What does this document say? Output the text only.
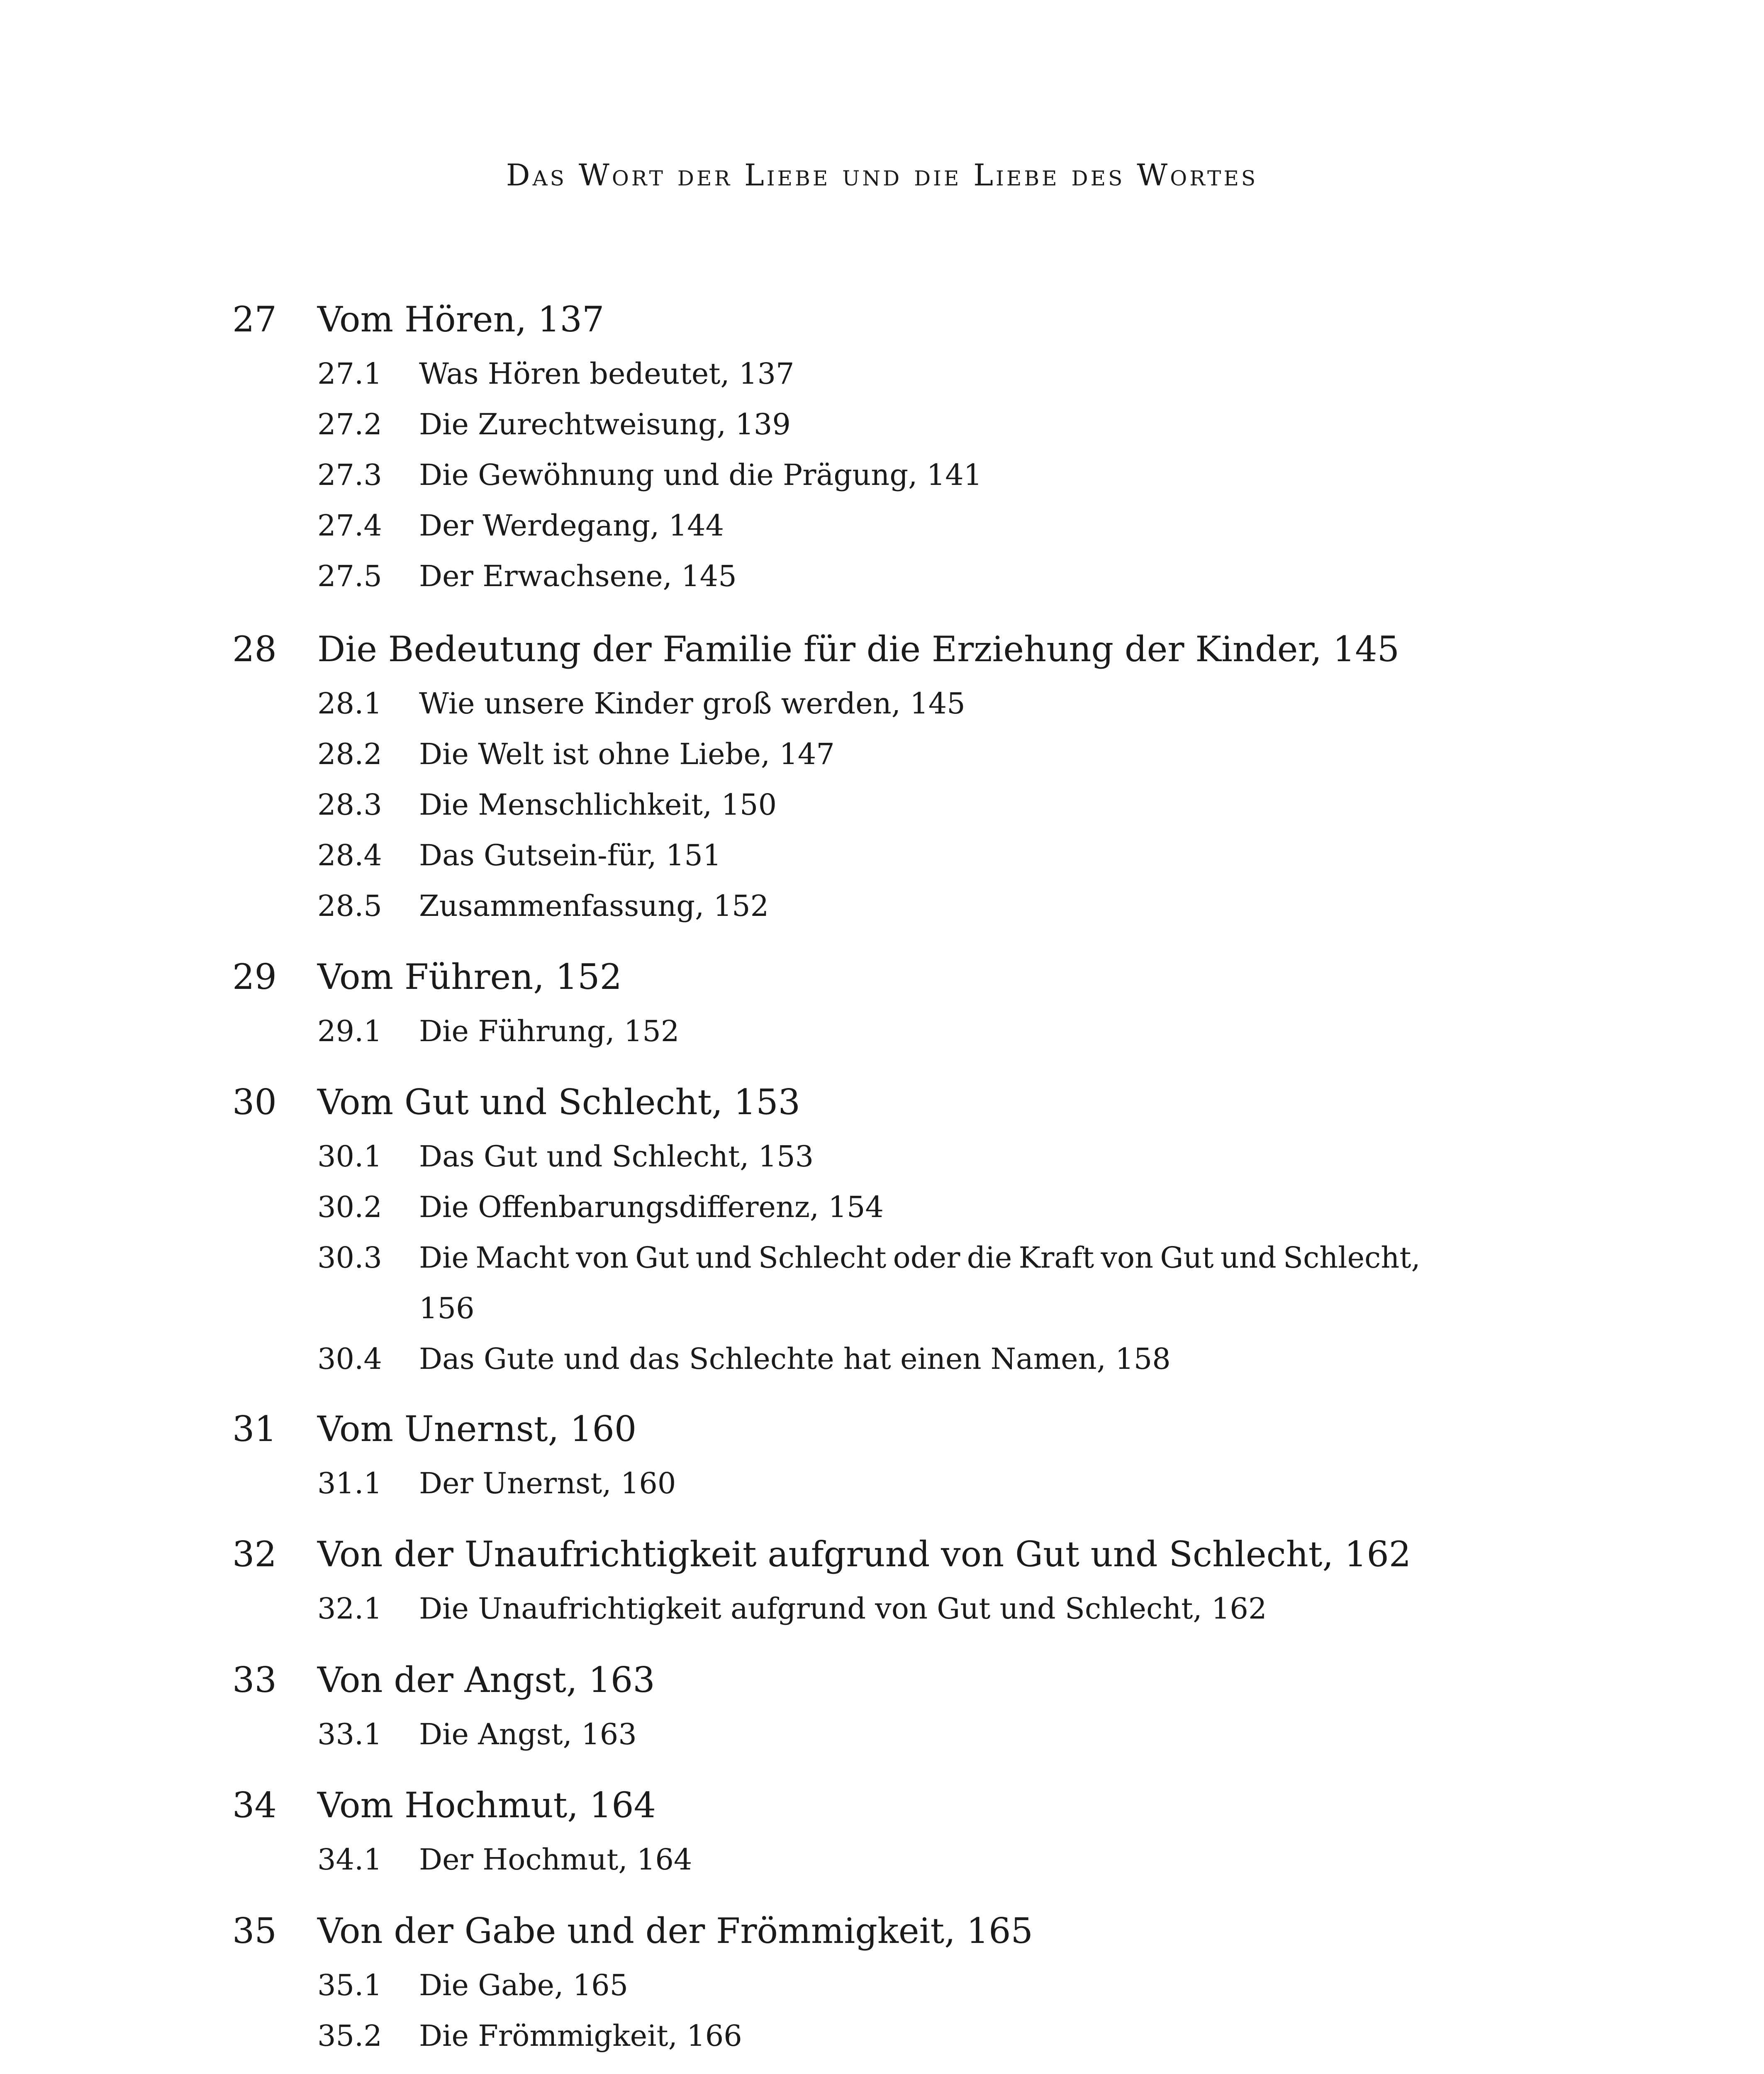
Das Wort der Liebe und die Liebe des Wortes
27 Vom Hören, 137
27.1 Was Hören bedeutet, 137
27.2 Die Zurechtweisung, 139
27.3 Die Gewöhnung und die Prägung, 141
27.4 Der Werdegang, 144
27.5 Der Erwachsene, 145
28 Die Bedeutung der Familie für die Erziehung der Kinder, 145
28.1 Wie unsere Kinder groß werden, 145
28.2 Die Welt ist ohne Liebe, 147
28.3 Die Menschlichkeit, 150
28.4 Das Gutsein-für, 151
28.5 Zusammenfassung, 152
29 Vom Führen, 152
29.1 Die Führung, 152
30 Vom Gut und Schlecht, 153
30.1 Das Gut und Schlecht, 153
30.2 Die Offenbarungsdifferenz, 154
30.3 Die Macht von Gut und Schlecht oder die Kraft von Gut und Schlecht, 156
30.4 Das Gute und das Schlechte hat einen Namen, 158
31 Vom Unernst, 160
31.1 Der Unernst, 160
32 Von der Unaufrichtigkeit aufgrund von Gut und Schlecht, 162
32.1 Die Unaufrichtigkeit aufgrund von Gut und Schlecht, 162
33 Von der Angst, 163
33.1 Die Angst, 163
34 Vom Hochmut, 164
34.1 Der Hochmut, 164
35 Von der Gabe und der Frömmigkeit, 165
35.1 Die Gabe, 165
35.2 Die Frömmigkeit, 166
